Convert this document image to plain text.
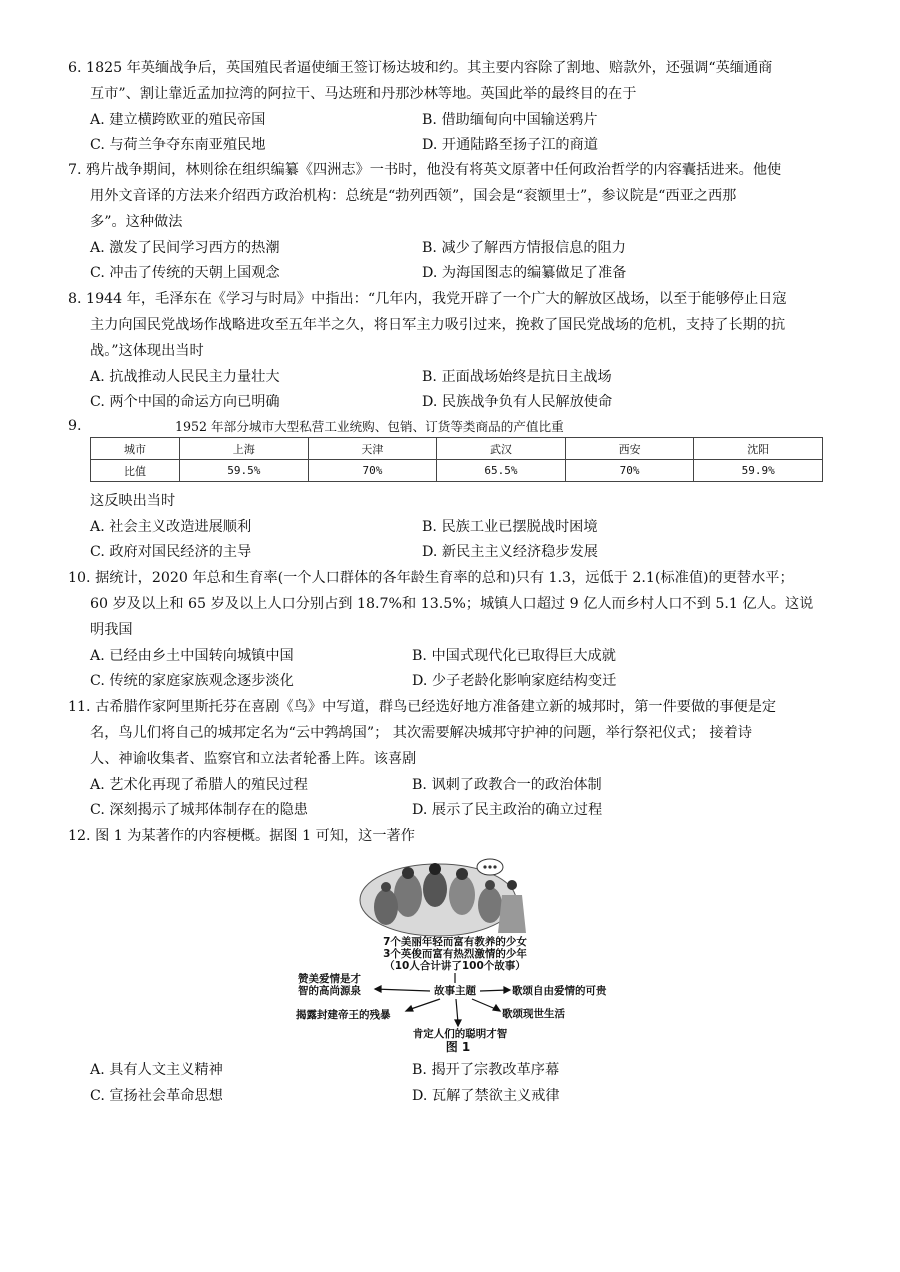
6. 1825 年英缅战争后，英国殖民者逼使缅王签订杨达坡和约。其主要内容除了割地、赔款外，还强调“英缅通商
互市”、割让靠近孟加拉湾的阿拉干、马达班和丹那沙林等地。英国此举的最终目的在于
A. 建立横跨欧亚的殖民帝国	B. 借助缅甸向中国输送鸦片
C. 与荷兰争夺东南亚殖民地	D. 开通陆路至扬子江的商道
7. 鸦片战争期间，林则徐在组织编纂《四洲志》一书时，他没有将英文原著中任何政治哲学的内容囊括进来。他使
用外文音译的方法来介绍西方政治机构：总统是“勃列西领”，国会是“衮额里士”，参议院是“西亚之西那
多”。这种做法
A. 激发了民间学习西方的热潮	B. 减少了解西方情报信息的阻力
C. 冲击了传统的天朝上国观念	D. 为海国图志的编纂做足了准备
8. 1944 年，毛泽东在《学习与时局》中指出：“几年内，我党开辟了一个广大的解放区战场，以至于能够停止日寇
主力向国民党战场作战略进攻至五年半之久，将日军主力吸引过来，挽救了国民党战场的危机，支持了长期的抗
战。”这体现出当时
A. 抗战推动人民民主力量壮大	B. 正面战场始终是抗日主战场
C. 两个中国的命运方向已明确	D. 民族战争负有人民解放使命
9.	1952 年部分城市大型私营工业统购、包销、订货等类商品的产值比重
城市	上海	天津	武汉	西安	沈阳
比值	59.5%	70%	65.5%	70%	59.9%
这反映出当时
A. 社会主义改造进展顺利	B. 民族工业已摆脱战时困境
C. 政府对国民经济的主导	D. 新民主主义经济稳步发展
10. 据统计，2020 年总和生育率(一个人口群体的各年龄生育率的总和)只有 1.3，远低于 2.1(标准值)的更替水平；
60 岁及以上和 65 岁及以上人口分别占到 18.7%和 13.5%；城镇人口超过 9 亿人而乡村人口不到 5.1 亿人。这说
明我国
A. 已经由乡土中国转向城镇中国	B. 中国式现代化已取得巨大成就
C. 传统的家庭家族观念逐步淡化	D. 少子老龄化影响家庭结构变迁
11. 古希腊作家阿里斯托芬在喜剧《鸟》中写道，群鸟已经选好地方准备建立新的城邦时，第一件要做的事便是定
名，鸟儿们将自己的城邦定名为“云中鹁鸪国”； 其次需要解决城邦守护神的问题，举行祭祀仪式； 接着诗
人、神谕收集者、监察官和立法者轮番上阵。该喜剧
A. 艺术化再现了希腊人的殖民过程	B. 讽刺了政教合一的政治体制
C. 深刻揭示了城邦体制存在的隐患	D. 展示了民主政治的确立过程
12. 图 1 为某著作的内容梗概。据图 1 可知，这一著作
7个美丽年轻而富有教养的少女
3个英俊而富有热烈激情的少年
（10人合计讲了100个故事）
赞美爱情是才
智的高尚源泉	故事主题	歌颂自由爱情的可贵
揭露封建帝王的残暴	歌颂现世生活
肯定人们的聪明才智
图 1
A. 具有人文主义精神	B. 揭开了宗教改革序幕
C. 宣扬社会革命思想	D. 瓦解了禁欲主义戒律
